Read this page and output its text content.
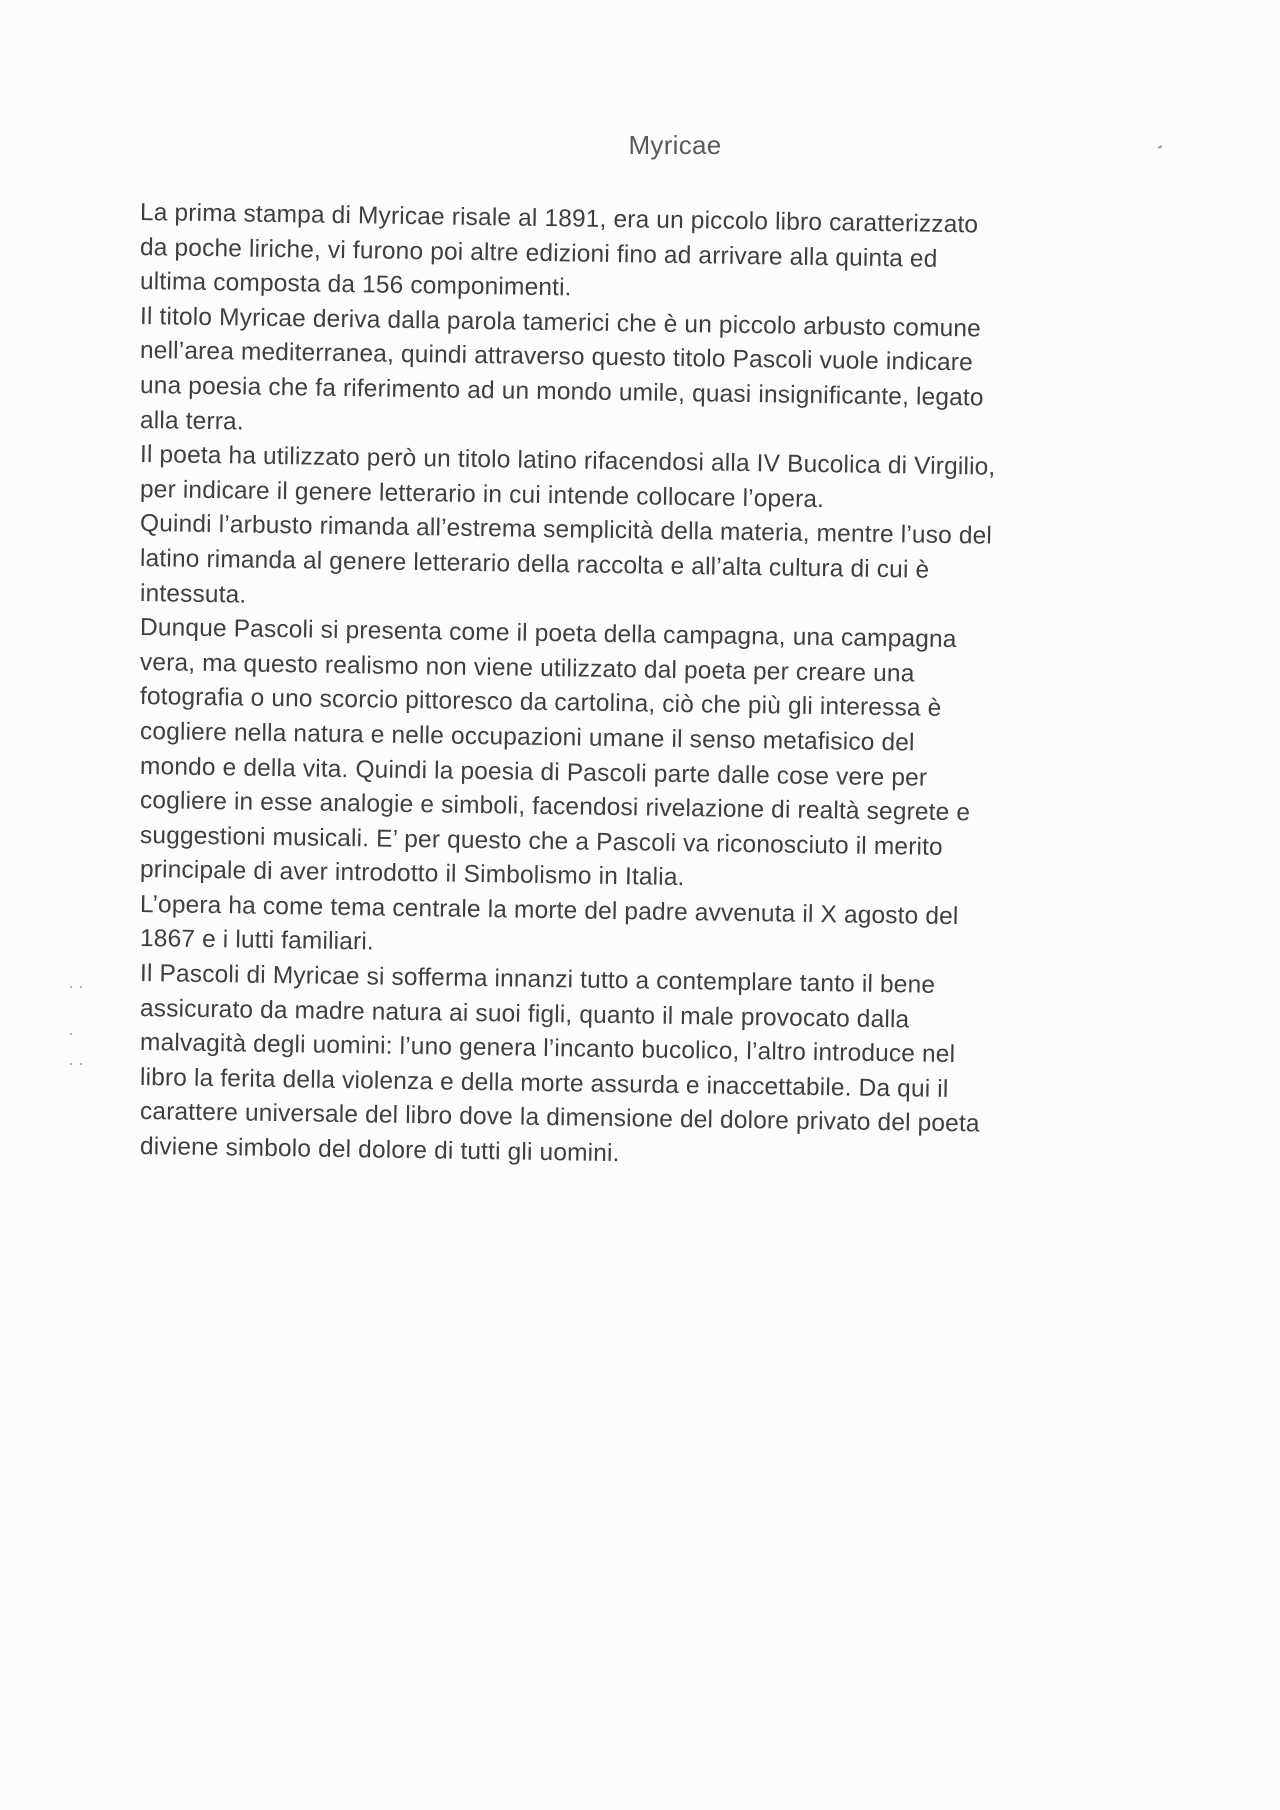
Myricae
La prima stampa di Myricae risale al 1891, era un piccolo libro caratterizzato
da poche liriche, vi furono poi altre edizioni fino ad arrivare alla quinta ed
ultima composta da 156 componimenti.
Il titolo Myricae deriva dalla parola tamerici che è un piccolo arbusto comune
nell’area mediterranea, quindi attraverso questo titolo Pascoli vuole indicare
una poesia che fa riferimento ad un mondo umile, quasi insignificante, legato
alla terra.
Il poeta ha utilizzato però un titolo latino rifacendosi alla IV Bucolica di Virgilio,
per indicare il genere letterario in cui intende collocare l’opera.
Quindi l’arbusto rimanda all’estrema semplicità della materia, mentre l’uso del
latino rimanda al genere letterario della raccolta e all’alta cultura di cui è
intessuta.
Dunque Pascoli si presenta come il poeta della campagna, una campagna
vera, ma questo realismo non viene utilizzato dal poeta per creare una
fotografia o uno scorcio pittoresco da cartolina, ciò che più gli interessa è
cogliere nella natura e nelle occupazioni umane il senso metafisico del
mondo e della vita. Quindi la poesia di Pascoli parte dalle cose vere per
cogliere in esse analogie e simboli, facendosi rivelazione di realtà segrete e
suggestioni musicali. E’ per questo che a Pascoli va riconosciuto il merito
principale di aver introdotto il Simbolismo in Italia.
L’opera ha come tema centrale la morte del padre avvenuta il X agosto del
1867 e i lutti familiari.
Il Pascoli di Myricae si sofferma innanzi tutto a contemplare tanto il bene
assicurato da madre natura ai suoi figli, quanto il male provocato dalla
malvagità degli uomini: l’uno genera l’incanto bucolico, l’altro introduce nel
libro la ferita della violenza e della morte assurda e inaccettabile. Da qui il
carattere universale del libro dove la dimensione del dolore privato del poeta
diviene simbolo del dolore di tutti gli uomini.
